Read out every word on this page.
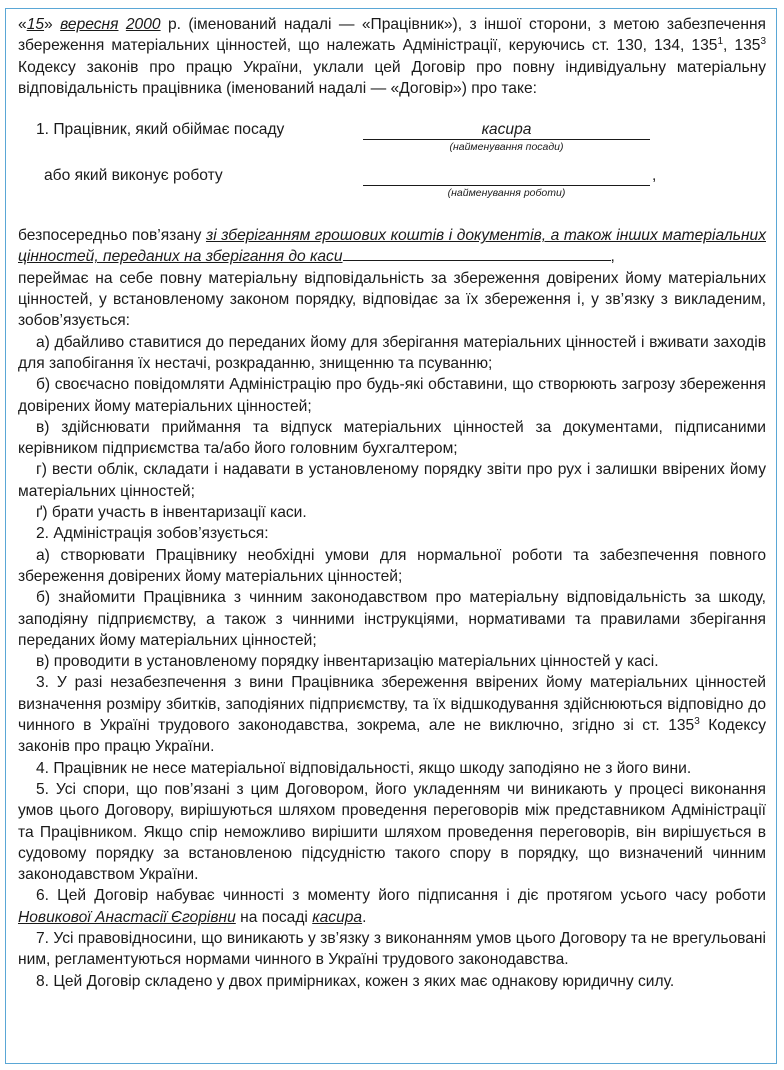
«15» вересня 2000 р. (іменований надалі — «Працівник»), з іншої сторони, з метою забезпечення збереження матеріальних цінностей, що належать Адміністрації, керуючись ст. 130, 134, $135^1$, $135^3$ Кодексу законів про працю України, уклали цей Договір про повну індивідуальну матеріальну відповідальність працівника (іменований надалі — «Договір») про таке:

1. Працівник, який обіймає посаду	касира
(найменування посади)
або який виконує роботу	,
(найменування роботи)

безпосередньо пов’язану зі зберіганням грошових коштів і документів, а також інших матеріальних цінностей, переданих на зберігання до каси	,

переймає на себе повну матеріальну відповідальність за збереження довірених йому матеріальних цінностей, у встановленому законом порядку, відповідає за їх збереження і, у зв’язку з викладеним, зобов’язується:

а) дбайливо ставитися до переданих йому для зберігання матеріальних цінностей і вживати заходів для запобігання їх нестачі, розкраданню, знищенню та псуванню;

б) своєчасно повідомляти Адміністрацію про будь-які обставини, що створюють загрозу збереження довірених йому матеріальних цінностей;

в) здійснювати приймання та відпуск матеріальних цінностей за документами, підписаними керівником підприємства та/або його головним бухгалтером;

г) вести облік, складати і надавати в установленому порядку звіти про рух і залишки ввірених йому матеріальних цінностей;

ґ) брати участь в інвентаризації каси.

2. Адміністрація зобов’язується:

а) створювати Працівнику необхідні умови для нормальної роботи та забезпечення повного збереження довірених йому матеріальних цінностей;

б) знайомити Працівника з чинним законодавством про матеріальну відповідальність за шкоду, заподіяну підприємству, а також з чинними інструкціями, нормативами та правилами зберігання переданих йому матеріальних цінностей;

в) проводити в установленому порядку інвентаризацію матеріальних цінностей у касі.

3. У разі незабезпечення з вини Працівника збереження ввірених йому матеріальних цінностей визначення розміру збитків, заподіяних підприємству, та їх відшкодування здійснюються відповідно до чинного в Україні трудового законодавства, зокрема, але не виключно, згідно зі ст. $135^3$ Кодексу законів про працю України.

4. Працівник не несе матеріальної відповідальності, якщо шкоду заподіяно не з його вини.

5. Усі спори, що пов’язані з цим Договором, його укладенням чи виникають у процесі виконання умов цього Договору, вирішуються шляхом проведення переговорів між представником Адміністрації та Працівником. Якщо спір неможливо вирішити шляхом проведення переговорів, він вирішується в судовому порядку за встановленою підсудністю такого спору в порядку, що визначений чинним законодавством України.

6. Цей Договір набуває чинності з моменту його підписання і діє протягом усього часу роботи Новикової Анастасії Єгорівни на посаді касира.

7. Усі правовідносини, що виникають у зв’язку з виконанням умов цього Договору та не врегульовані ним, регламентуються нормами чинного в Україні трудового законодавства.

8. Цей Договір складено у двох примірниках, кожен з яких має однакову юридичну силу.
